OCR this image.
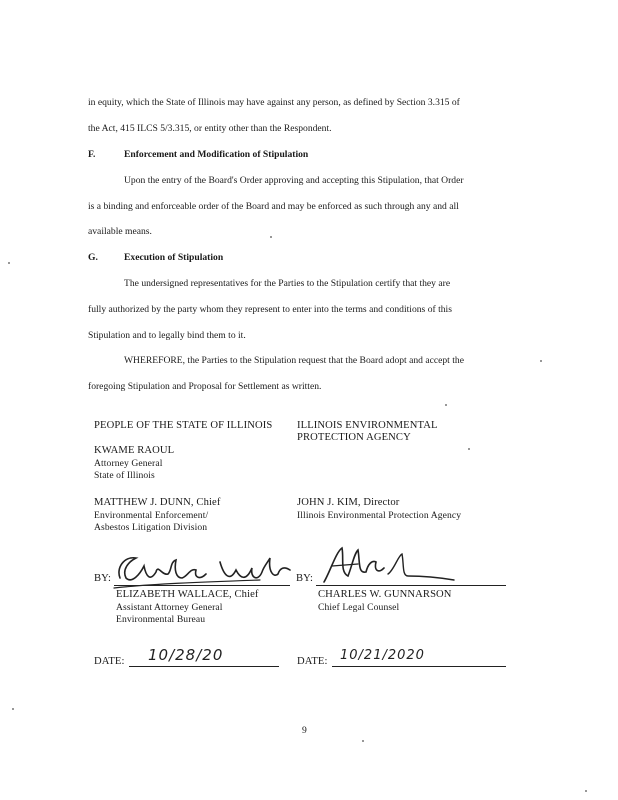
in equity, which the State of Illinois may have against any person, as defined by Section 3.315 of
the Act, 415 ILCS 5/3.315, or entity other than the Respondent.
F.	Enforcement and Modification of Stipulation
Upon the entry of the Board's Order approving and accepting this Stipulation, that Order
is a binding and enforceable order of the Board and may be enforced as such through any and all
available means.
G.	Execution of Stipulation
The undersigned representatives for the Parties to the Stipulation certify that they are
fully authorized by the party whom they represent to enter into the terms and conditions of this
Stipulation and to legally bind them to it.
WHEREFORE, the Parties to the Stipulation request that the Board adopt and accept the
foregoing Stipulation and Proposal for Settlement as written.
PEOPLE OF THE STATE OF ILLINOIS
KWAME RAOUL
Attorney General
State of Illinois
MATTHEW J. DUNN, Chief
Environmental Enforcement/
Asbestos Litigation Division
ILLINOIS ENVIRONMENTAL
PROTECTION AGENCY
JOHN J. KIM, Director
Illinois Environmental Protection Agency
BY:	BY:
ELIZABETH WALLACE, Chief
Assistant Attorney General
Environmental Bureau
CHARLES W. GUNNARSON
Chief Legal Counsel
DATE: 10/28/20	DATE: 10/21/2020
9
